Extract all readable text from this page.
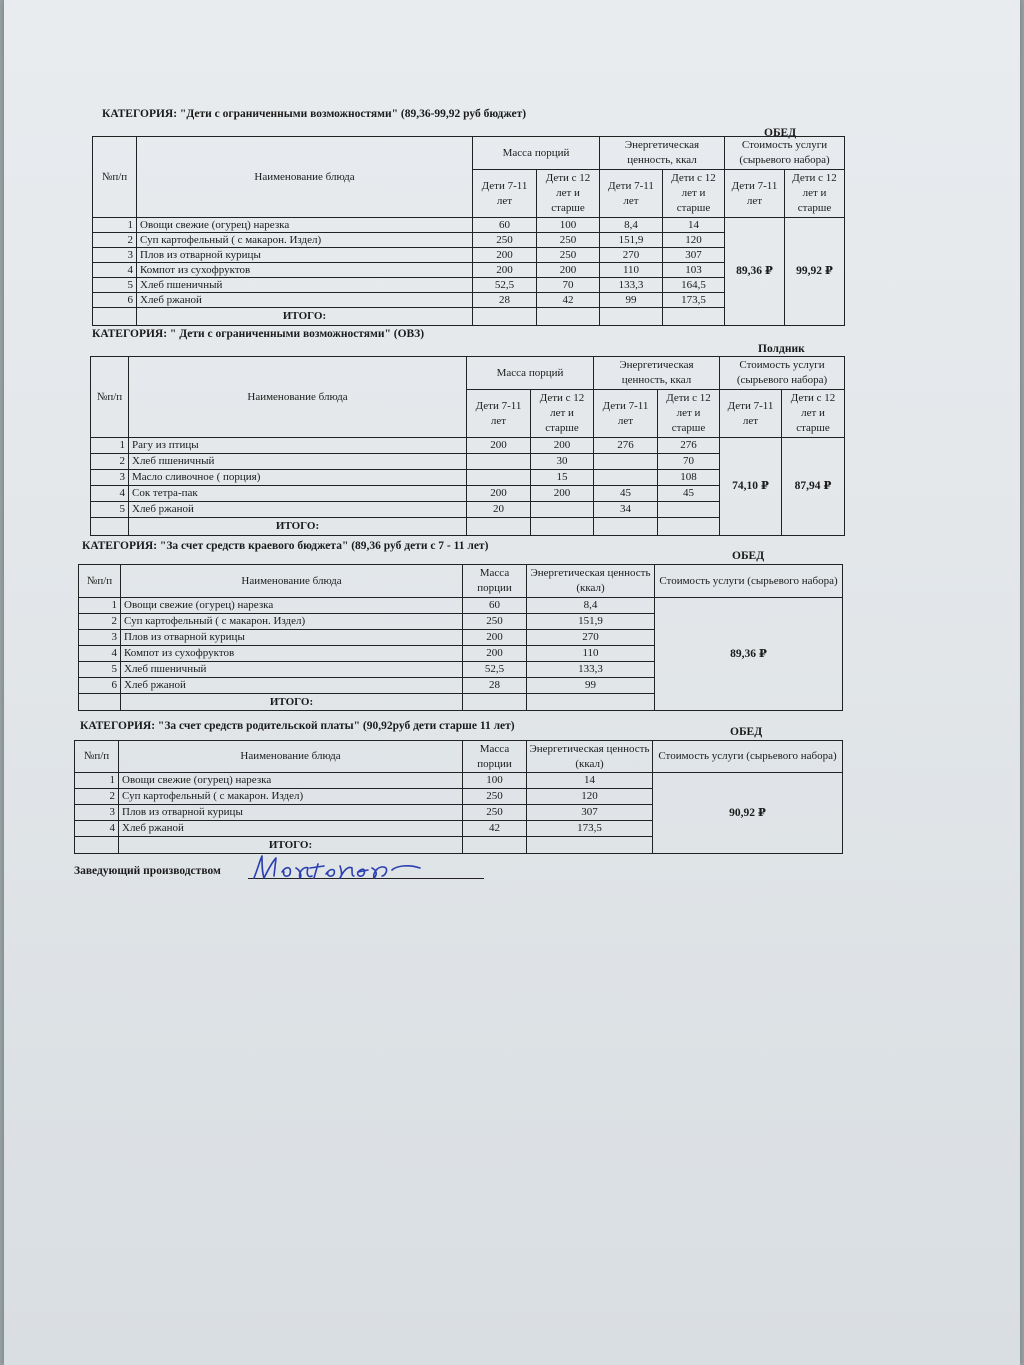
КАТЕГОРИЯ: "Дети с ограниченными возможностями" (89,36-99,92 руб бюджет)
ОБЕД
№п/п	Наименование блюда	Масса порций		Энергетическая ценность, ккал		Стоимость услуги (сырьевого набора)	
		Дети 7-11 лет	Дети с 12 лет и старше	Дети 7-11 лет	Дети с 12 лет и старше	Дети 7-11 лет	Дети с 12 лет и старше
1	Овощи свежие (огурец) нарезка	60	100	8,4	14	89,36 ₽	99,92 ₽
2	Суп картофельный ( с макарон. Издел)	250	250	151,9	120		
3	Плов из отварной курицы	200	250	270	307		
4	Компот из сухофруктов	200	200	110	103		
5	Хлеб пшеничный	52,5	70	133,3	164,5		
6	Хлеб ржаной	28	42	99	173,5		
	ИТОГО:						
КАТЕГОРИЯ: " Дети с ограниченными возможностями" (ОВЗ)
Полдник
№п/п	Наименование блюда	Масса порций		Энергетическая ценность, ккал		Стоимость услуги (сырьевого набора)	
		Дети 7-11 лет	Дети с 12 лет и старше	Дети 7-11 лет	Дети с 12 лет и старше	Дети 7-11 лет	Дети с 12 лет и старше
1	Рагу из птицы	200	200	276	276	74,10 ₽	87,94 ₽
2	Хлеб пшеничный		30		70		
3	Масло сливочное ( порция)		15		108		
4	Сок тетра-пак	200	200	45	45		
5	Хлеб ржаной	20		34			
	ИТОГО:						
КАТЕГОРИЯ: "За счет средств краевого бюджета" (89,36 руб дети с 7 - 11 лет)
ОБЕД
№п/п	Наименование блюда	Масса порции	Энергетическая ценность (ккал)	Стоимость услуги (сырьевого набора)
1	Овощи свежие (огурец) нарезка	60	8,4	89,36 ₽
2	Суп картофельный ( с макарон. Издел)	250	151,9	
3	Плов из отварной курицы	200	270	
4	Компот из сухофруктов	200	110	
5	Хлеб пшеничный	52,5	133,3	
6	Хлеб ржаной	28	99	
	ИТОГО:			
КАТЕГОРИЯ: "За счет средств родительской платы" (90,92руб дети старше 11 лет)	ОБЕД
№п/п	Наименование блюда	Масса порции	Энергетическая ценность (ккал)	Стоимость услуги (сырьевого набора)
1	Овощи свежие (огурец) нарезка	100	14	90,92 ₽
2	Суп картофельный ( с макарон. Издел)	250	120	
3	Плов из отварной курицы	250	307	
4	Хлеб ржаной	42	173,5	
	ИТОГО:			
Заведующий производством
